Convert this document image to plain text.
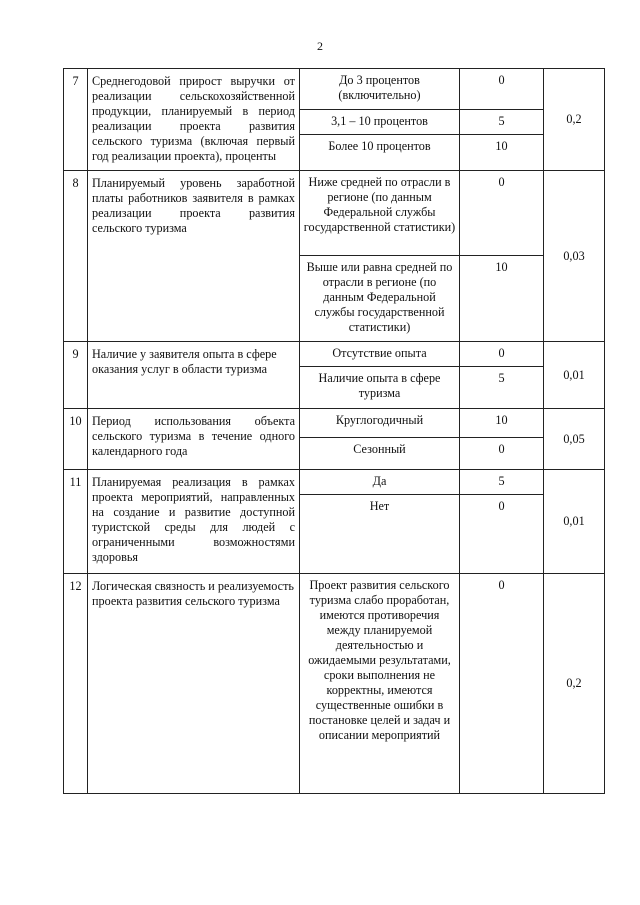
2
7	Среднегодовой прирост выручки от реализации сельскохозяйственной продукции, планируемый в период реализации проекта развития сельского туризма (включая первый год реализации проекта), проценты	До 3 процентов (включительно)	0	0,2
		3,1 – 10 процентов	5	
		Более 10 процентов	10	
8	Планируемый уровень заработной платы работников заявителя в рамках реализации проекта развития сельского туризма	Ниже средней по отрасли в регионе (по данным Федеральной службы государственной статистики)	0	0,03
		Выше или равна средней по отрасли в регионе (по данным Федеральной службы государственной статистики)	10	
9	Наличие у заявителя опыта в сфере оказания услуг в области туризма	Отсутствие опыта	0	0,01
		Наличие опыта в сфере туризма	5	
10	Период использования объекта сельского туризма в течение одного календарного года	Круглогодичный	10	0,05
		Сезонный	0	
11	Планируемая реализация в рамках проекта мероприятий, направленных на создание и развитие доступной туристской среды для людей с ограниченными возможностями здоровья	Да	5	0,01
		Нет	0	
12	Логическая связность и реализуемость проекта развития сельского туризма	Проект развития сельского туризма слабо проработан, имеются противоречия между планируемой деятельностью и ожидаемыми результатами, сроки выполнения не корректны, имеются существенные ошибки в постановке целей и задач и описании мероприятий	0	0,2
